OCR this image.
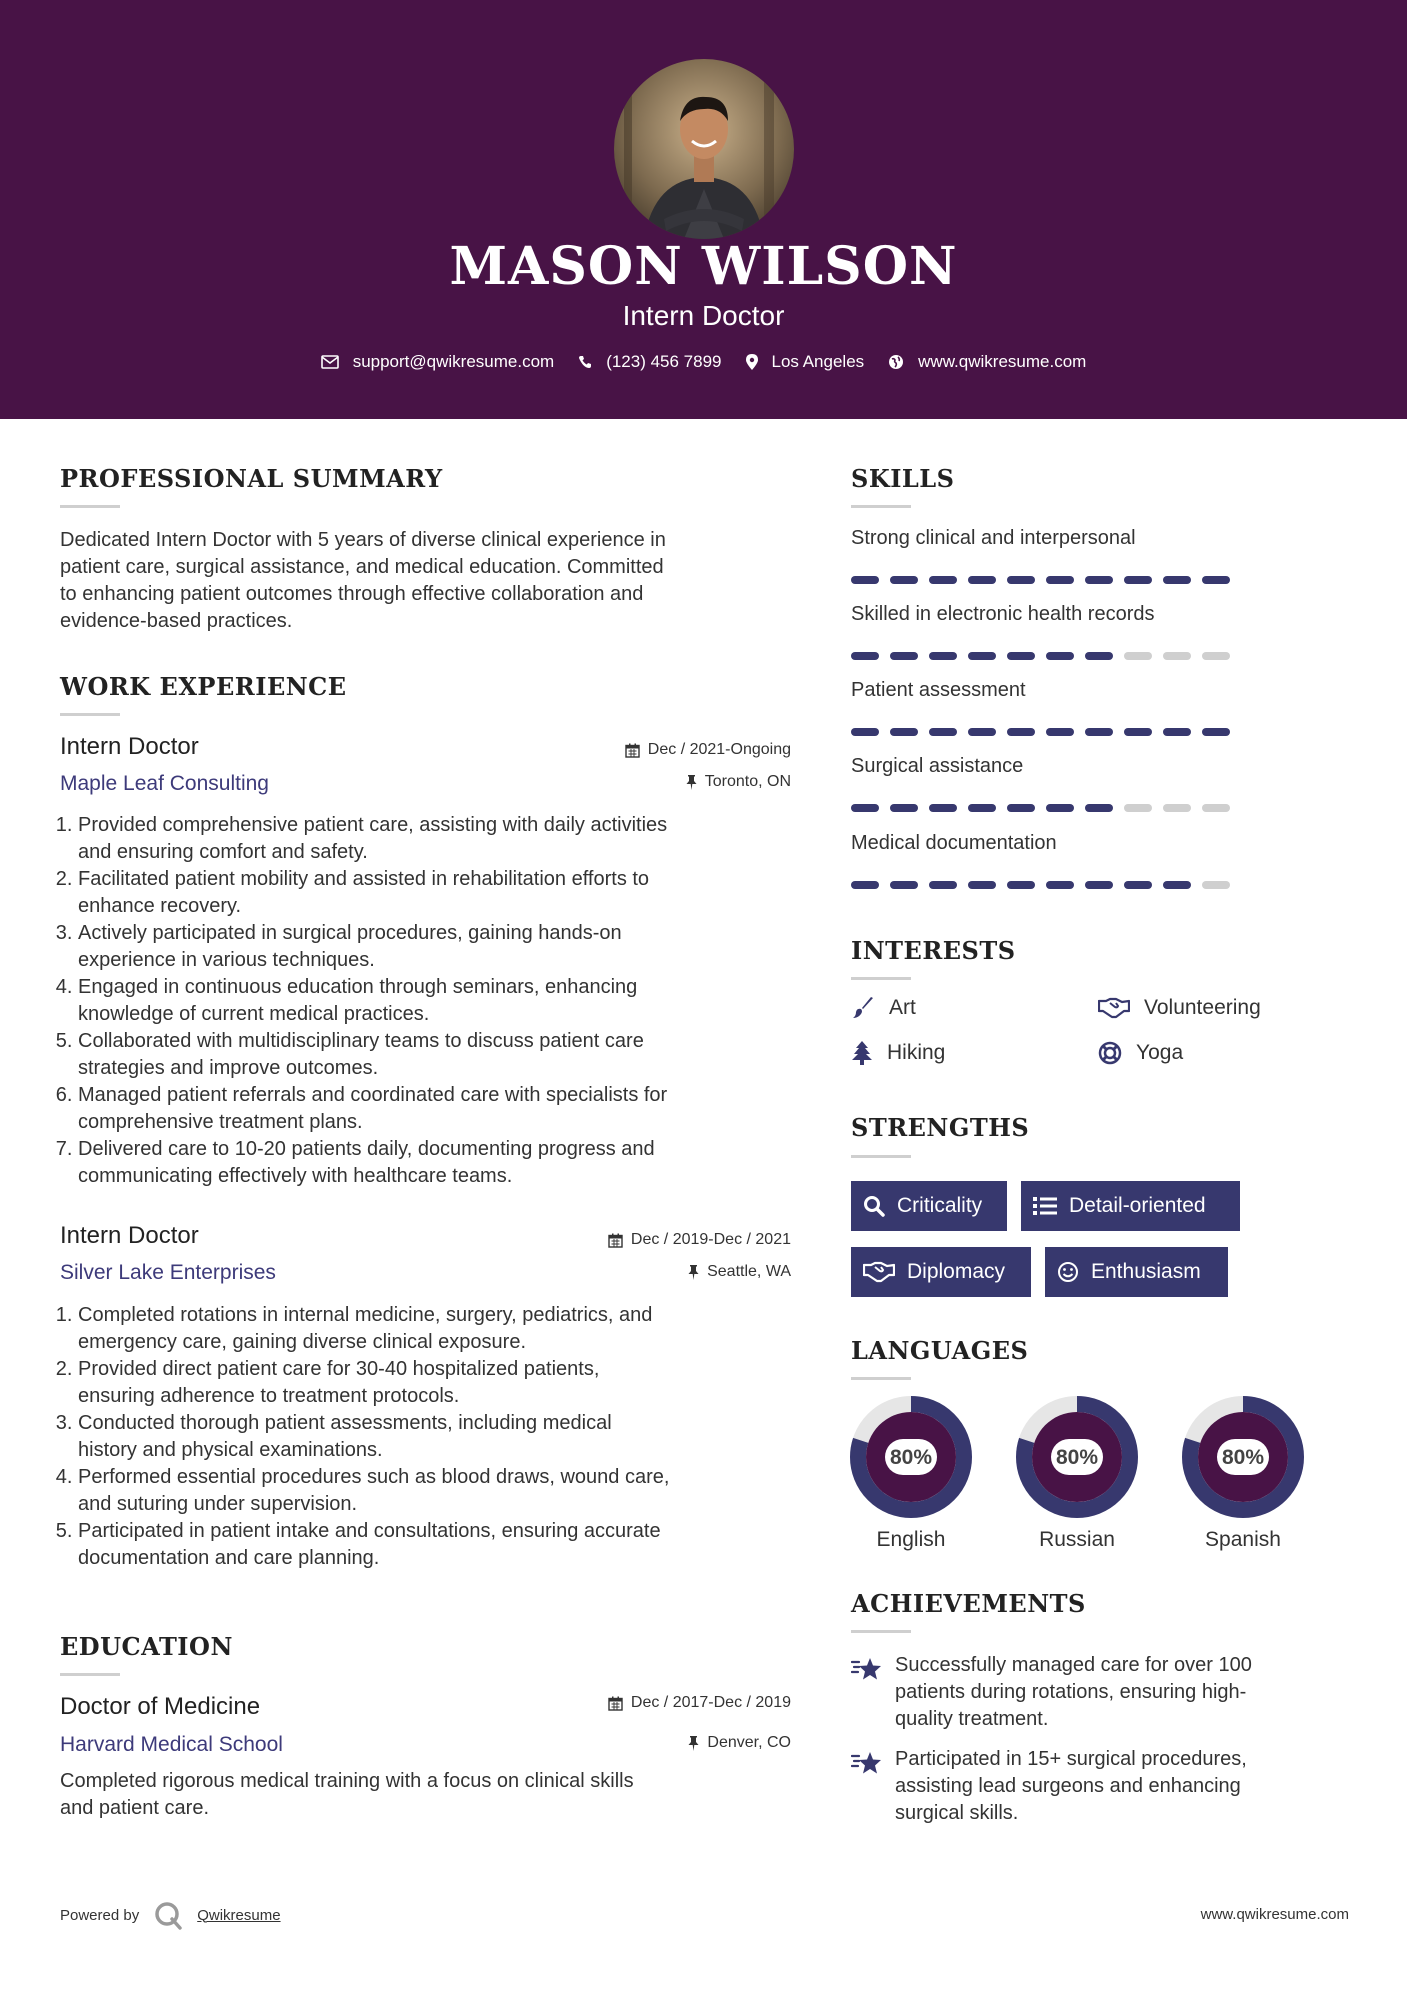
MASON WILSON
Intern Doctor
support@qwikresume.com	(123) 456 7899	Los Angeles	www.qwikresume.com
PROFESSIONAL SUMMARY
Dedicated Intern Doctor with 5 years of diverse clinical experience in
patient care, surgical assistance, and medical education. Committed
to enhancing patient outcomes through effective collaboration and
evidence-based practices.
WORK EXPERIENCE
Intern Doctor
Maple Leaf Consulting
Dec / 2021-Ongoing
Toronto, ON
1. Provided comprehensive patient care, assisting with daily activities
and ensuring comfort and safety.
2. Facilitated patient mobility and assisted in rehabilitation efforts to
enhance recovery.
3. Actively participated in surgical procedures, gaining hands-on
experience in various techniques.
4. Engaged in continuous education through seminars, enhancing
knowledge of current medical practices.
5. Collaborated with multidisciplinary teams to discuss patient care
strategies and improve outcomes.
6. Managed patient referrals and coordinated care with specialists for
comprehensive treatment plans.
7. Delivered care to 10-20 patients daily, documenting progress and
communicating effectively with healthcare teams.
Intern Doctor
Silver Lake Enterprises
Dec / 2019-Dec / 2021
Seattle, WA
1. Completed rotations in internal medicine, surgery, pediatrics, and
emergency care, gaining diverse clinical exposure.
2. Provided direct patient care for 30-40 hospitalized patients,
ensuring adherence to treatment protocols.
3. Conducted thorough patient assessments, including medical
history and physical examinations.
4. Performed essential procedures such as blood draws, wound care,
and suturing under supervision.
5. Participated in patient intake and consultations, ensuring accurate
documentation and care planning.
EDUCATION
Doctor of Medicine
Harvard Medical School
Dec / 2017-Dec / 2019
Denver, CO
Completed rigorous medical training with a focus on clinical skills
and patient care.
SKILLS
Strong clinical and interpersonal
Skilled in electronic health records
Patient assessment
Surgical assistance
Medical documentation
INTERESTS
Art	Volunteering
Hiking	Yoga
STRENGTHS
Criticality	Detail-oriented
Diplomacy	Enthusiasm
LANGUAGES
80%
English
80%
Russian
80%
Spanish
ACHIEVEMENTS
Successfully managed care for over 100
patients during rotations, ensuring high-
quality treatment.
Participated in 15+ surgical procedures,
assisting lead surgeons and enhancing
surgical skills.
Powered by	Qwikresume	www.qwikresume.com
